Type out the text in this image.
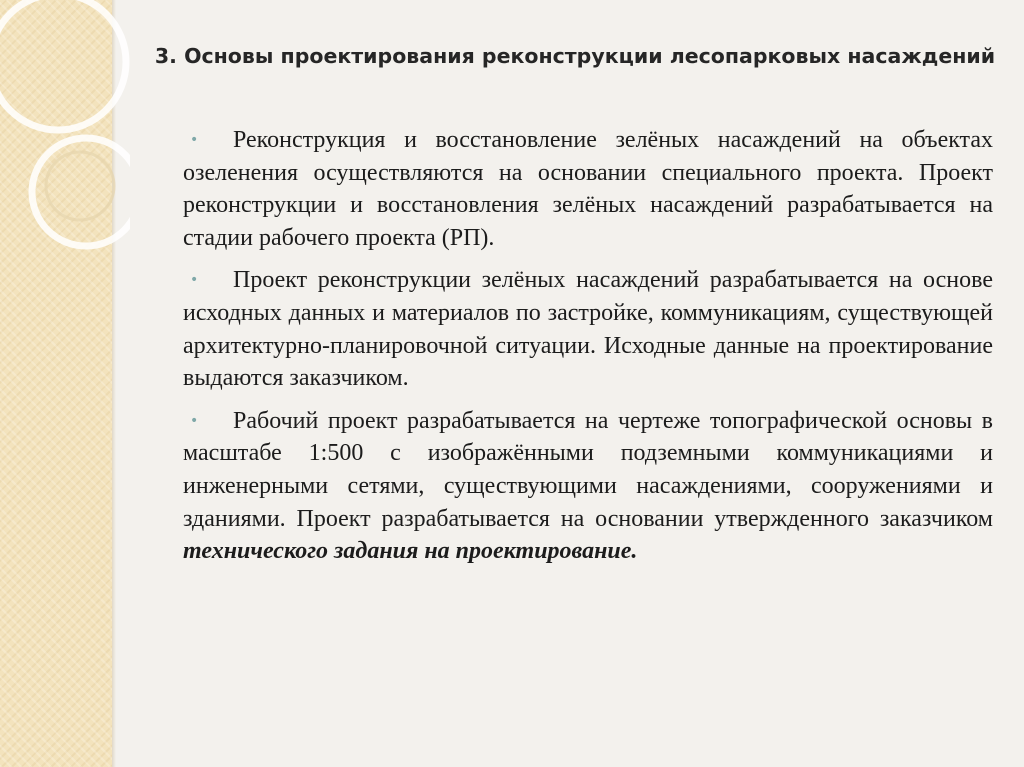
3. Основы проектирования реконструкции лесопарковых насаждений

• Реконструкция и восстановление зелёных насаждений на объектах озеленения осуществляются на основании специального проекта. Проект реконструкции и восстановления зелёных насаждений разрабатывается на стадии рабочего проекта (РП).

• Проект реконструкции зелёных насаждений разрабатывается на основе исходных данных и материалов по застройке, коммуникациям, существующей архитектурно-планировочной ситуации. Исходные данные на проектирование выдаются заказчиком.

• Рабочий проект разрабатывается на чертеже топографической основы в масштабе 1:500 с изображёнными подземными коммуникациями и инженерными сетями, существующими насаждениями, сооружениями и зданиями. Проект разрабатывается на основании утвержденного заказчиком технического задания на проектирование.
